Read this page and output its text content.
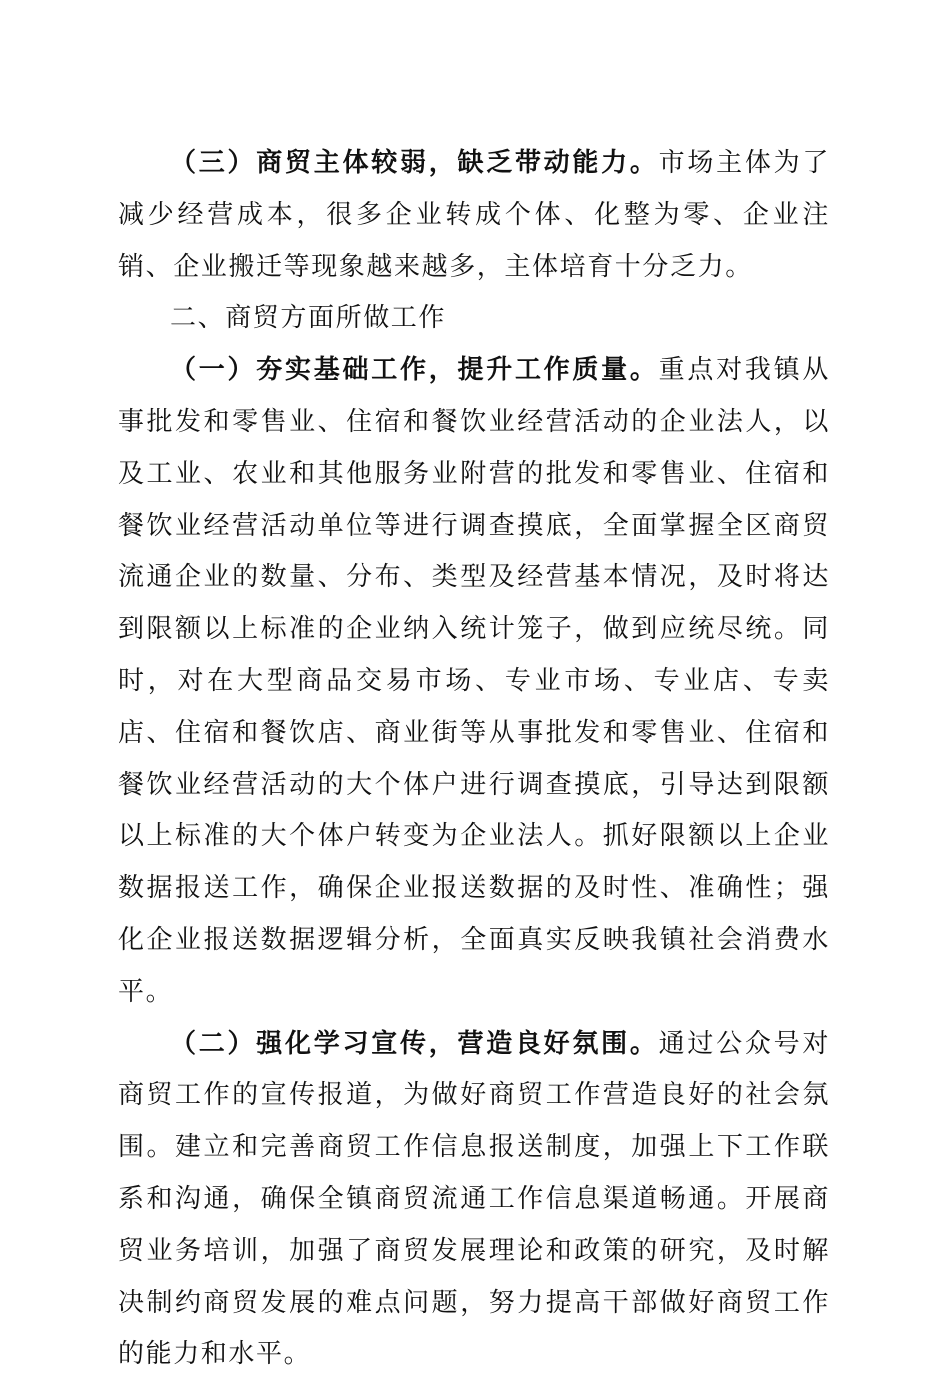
（三）商贸主体较弱，缺乏带动能力。市场主体为了减少经营成本，很多企业转成个体、化整为零、企业注销、企业搬迁等现象越来越多，主体培育十分乏力。

二、商贸方面所做工作

（一）夯实基础工作，提升工作质量。重点对我镇从事批发和零售业、住宿和餐饮业经营活动的企业法人，以及工业、农业和其他服务业附营的批发和零售业、住宿和餐饮业经营活动单位等进行调查摸底，全面掌握全区商贸流通企业的数量、分布、类型及经营基本情况，及时将达到限额以上标准的企业纳入统计笼子，做到应统尽统。同时，对在大型商品交易市场、专业市场、专业店、专卖店、住宿和餐饮店、商业街等从事批发和零售业、住宿和餐饮业经营活动的大个体户进行调查摸底，引导达到限额以上标准的大个体户转变为企业法人。抓好限额以上企业数据报送工作，确保企业报送数据的及时性、准确性；强化企业报送数据逻辑分析，全面真实反映我镇社会消费水平。

（二）强化学习宣传，营造良好氛围。通过公众号对商贸工作的宣传报道，为做好商贸工作营造良好的社会氛围。建立和完善商贸工作信息报送制度，加强上下工作联系和沟通，确保全镇商贸流通工作信息渠道畅通。开展商贸业务培训，加强了商贸发展理论和政策的研究，及时解决制约商贸发展的难点问题，努力提高干部做好商贸工作的能力和水平。
